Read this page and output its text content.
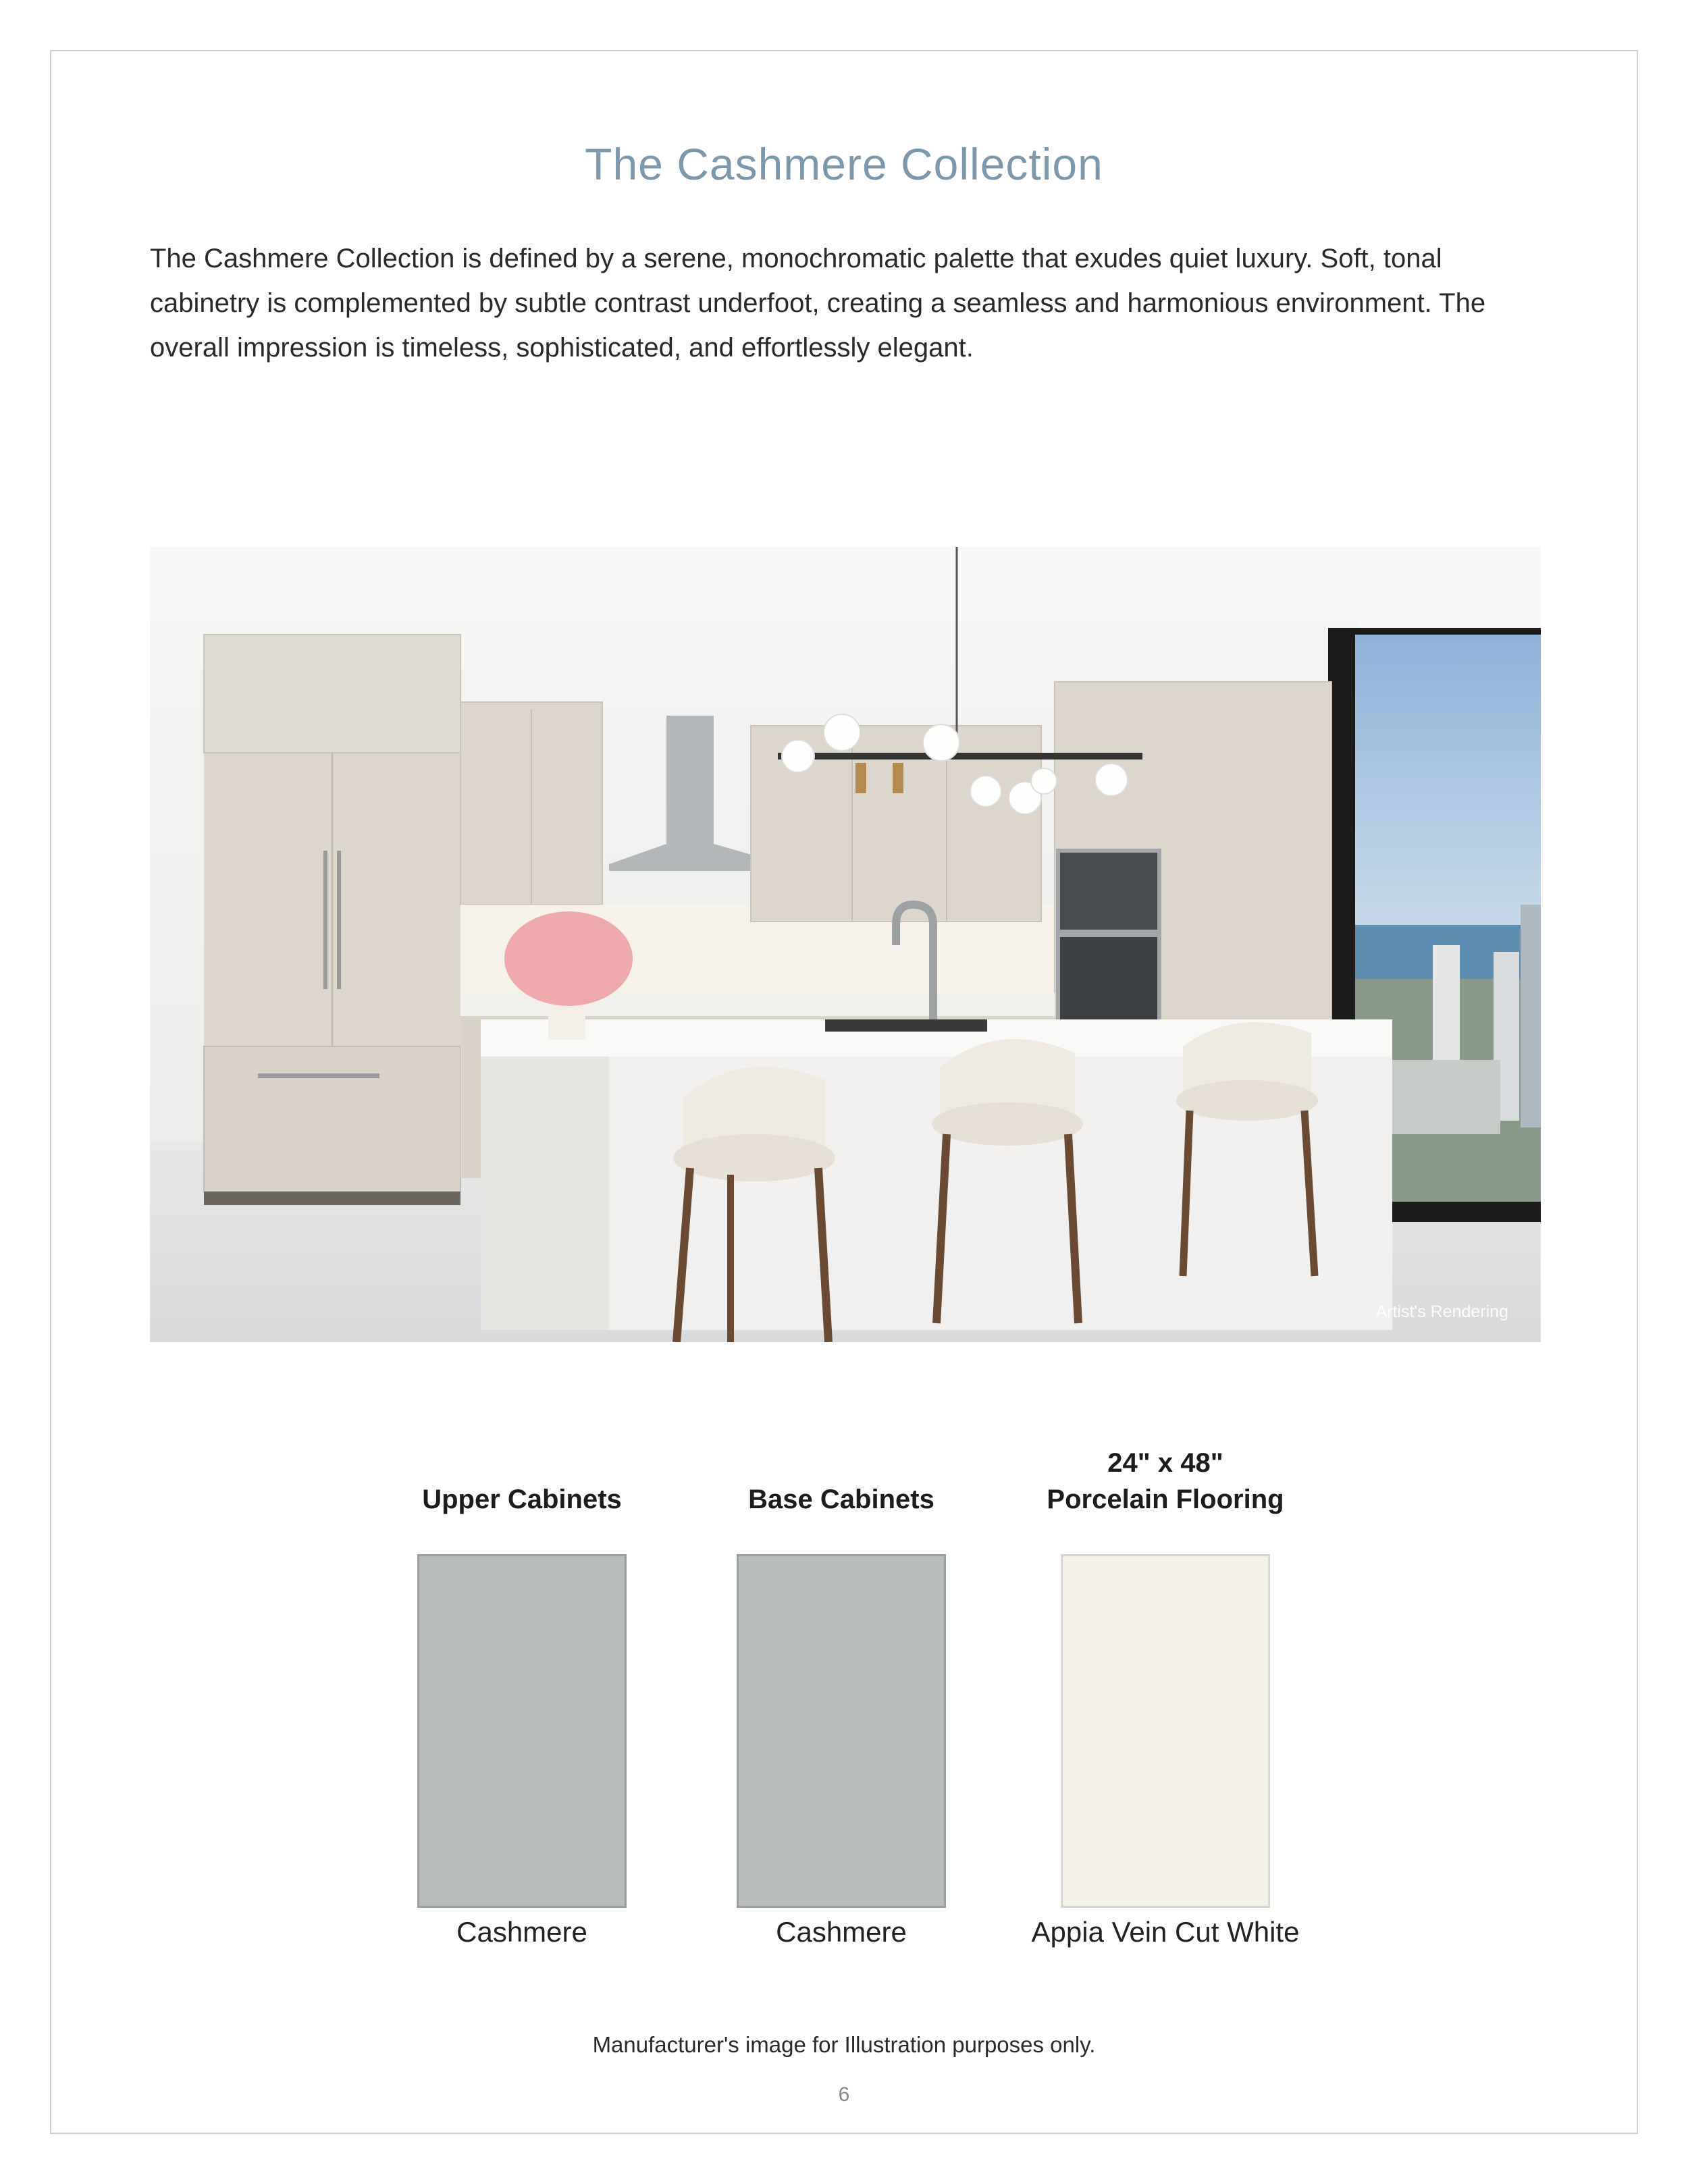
The Cashmere Collection

The Cashmere Collection is defined by a serene, monochromatic palette that exudes quiet luxury. Soft, tonal cabinetry is complemented by subtle contrast underfoot, creating a seamless and harmonious environment. The overall impression is timeless, sophisticated, and effortlessly elegant.

Artist's Rendering
Upper Cabinets
Cashmere
Base Cabinets
Cashmere
24" x 48"
Porcelain Flooring
Appia Vein Cut White
Manufacturer's image for Illustration purposes only.
6
